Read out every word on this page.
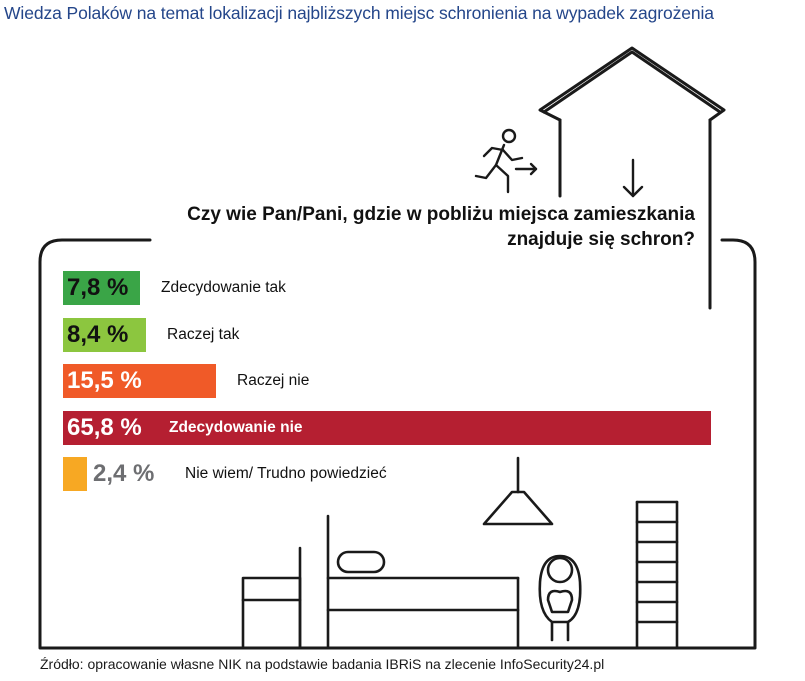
Wiedza Polaków na temat lokalizacji najbliższych miejsc schronienia na wypadek zagrożenia
Czy wie Pan/Pani, gdzie w pobliżu miejsca zamieszkania
znajduje się schron?
7,8 % Zdecydowanie tak
8,4 % Raczej tak
15,5 %	Raczej nie
65,8 % Zdecydowanie nie
2,4 % Nie wiem/ Trudno powiedzieć
Źródło: opracowanie własne NIK na podstawie badania IBRiS na zlecenie InfoSecurity24.pl
